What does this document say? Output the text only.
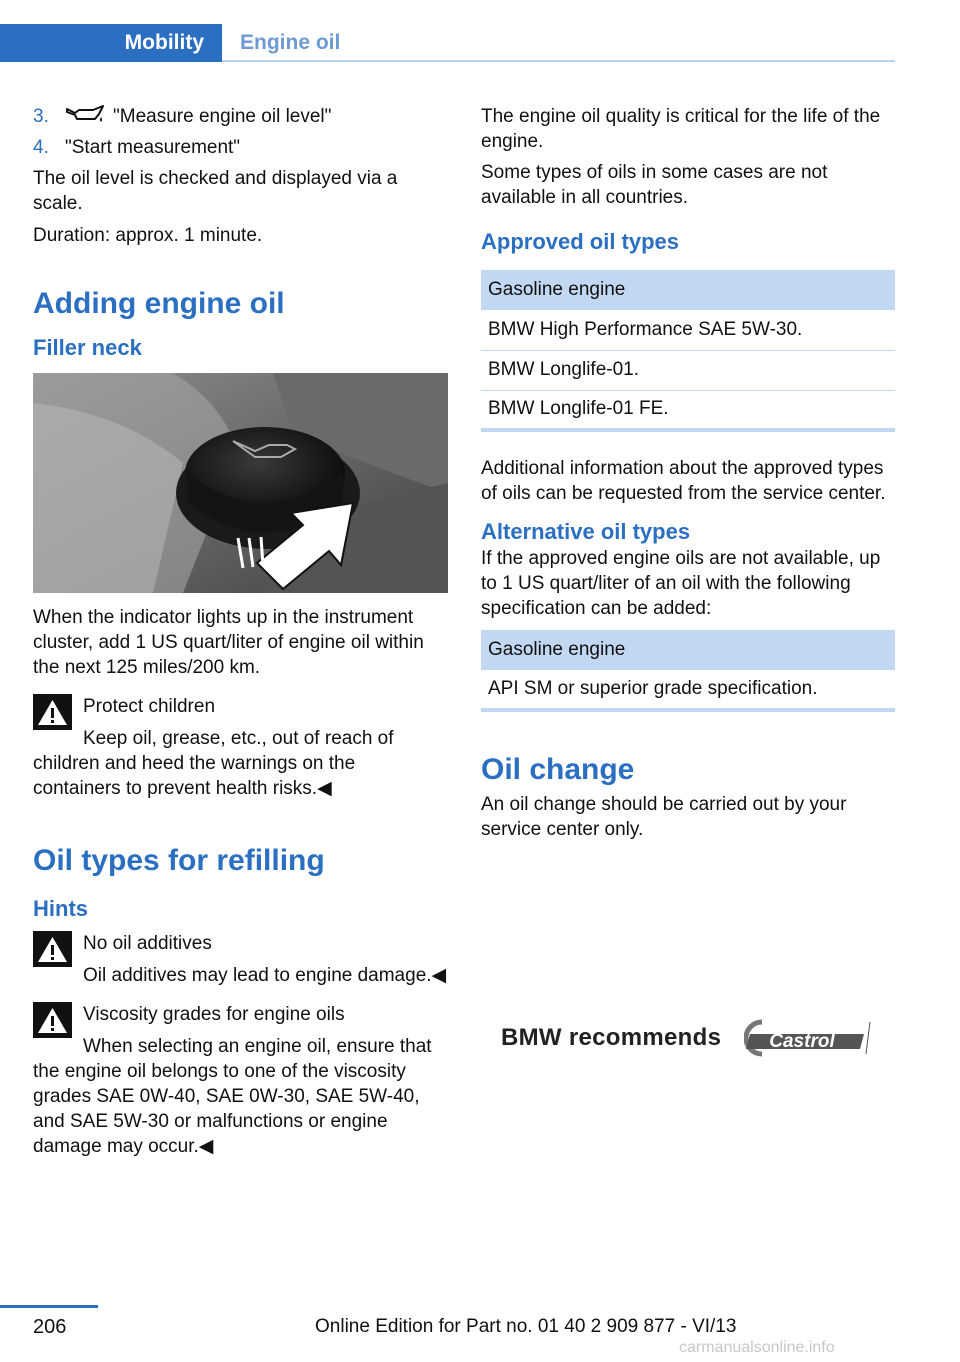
Mobility	Engine oil
3.	"Measure engine oil level"
4. "Start measurement"

The oil level is checked and displayed via a scale.

Duration: approx. 1 minute.

Adding engine oil
Filler neck

When the indicator lights up in the instrument cluster, add 1 US quart/liter of engine oil within the next 125 miles/200 km.

Protect children
Keep oil, grease, etc., out of reach of children and heed the warnings on the containers to prevent health risks.◀
Oil types for refilling
Hints
No oil additives
Oil additives may lead to engine damage.◀
Viscosity grades for engine oils
When selecting an engine oil, ensure that the engine oil belongs to one of the viscosity grades SAE 0W-40, SAE 0W-30, SAE 5W-40, and SAE 5W-30 or malfunctions or engine damage may occur.◀

The engine oil quality is critical for the life of the engine.

Some types of oils in some cases are not available in all countries.

Approved oil types
Gasoline engine
BMW High Performance SAE 5W-30.
BMW Longlife-01.
BMW Longlife-01 FE.

Additional information about the approved types of oils can be requested from the service center.

Alternative oil types

If the approved engine oils are not available, up to 1 US quart/liter of an oil with the following specification can be added:

Gasoline engine
API SM or superior grade specification.
Oil change

An oil change should be carried out by your service center only.

BMW recommends	Castrol
206	Online Edition for Part no. 01 40 2 909 877 - VI/13
carmanualsonline.info
